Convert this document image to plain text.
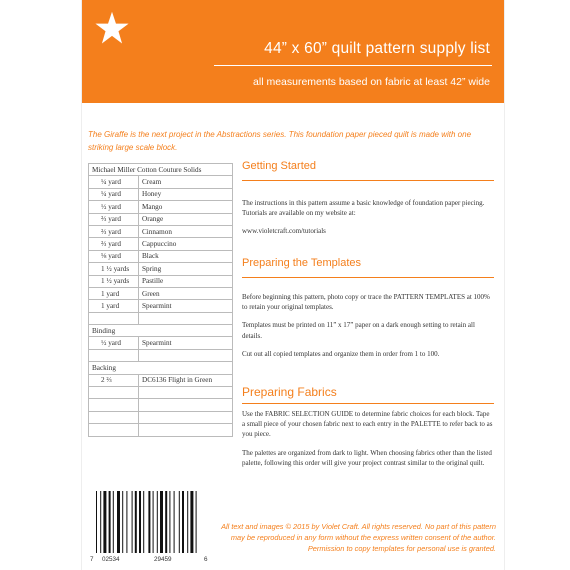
44” x 60” quilt pattern supply list
all measurements based on fabric at least 42” wide
The Giraffe is the next project in the Abstractions series. This foundation paper pieced quilt is made with one striking large scale block.
Michael Miller Cotton Couture Solids	
¼ yard	Cream
¼ yard	Honey
½ yard	Mango
⅔ yard	Orange
⅔ yard	Cinnamon
⅔ yard	Cappuccino
⅛ yard	Black
1 ½ yards	Spring
1 ½ yards	Pastille
1 yard	Green
1 yard	Spearmint

Binding	
½ yard	Spearmint

Backing	
2 ⅔	DC6136 Flight in Green

Getting Started

The instructions in this pattern assume a basic knowledge of foundation paper piecing. Tutorials are available on my website at:

www.violetcraft.com/tutorials

Preparing the Templates

Before beginning this pattern, photo copy or trace the PATTERN TEMPLATES at 100% to retain your original templates.

Templates must be printed on 11” x 17” paper on a dark enough setting to retain all details.

Cut out all copied templates and organize them in order from 1 to 100.

Preparing Fabrics

Use the FABRIC SELECTION GUIDE to determine fabric choices for each block. Tape a small piece of your chosen fabric next to each entry in the PALETTE to refer back to as you piece.

The palettes are organized from dark to light. When choosing fabrics other than the listed palette, following this order will give your project contrast similar to the original quilt.

7 02534	29459	6
All text and images © 2015 by Violet Craft. All rights reserved. No part of this pattern may be reproduced in any form without the express written consent of the author. Permission to copy templates for personal use is granted.
